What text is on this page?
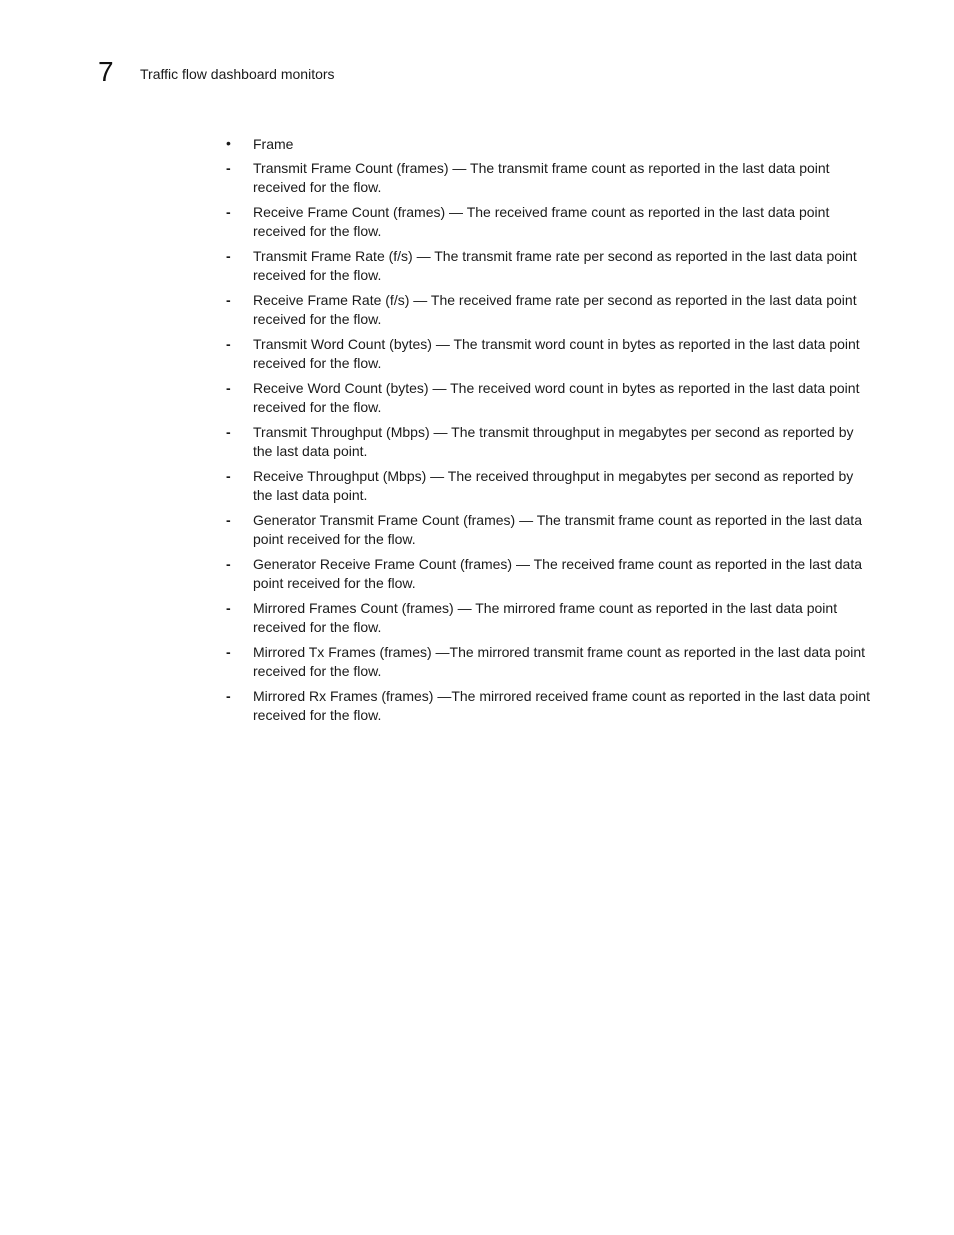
7 Traffic flow dashboard monitors
• Frame
- Transmit Frame Count (frames) — The transmit frame count as reported in the last data point received for the flow.
- Receive Frame Count (frames) — The received frame count as reported in the last data point received for the flow.
- Transmit Frame Rate (f/s) — The transmit frame rate per second as reported in the last data point received for the flow.
- Receive Frame Rate (f/s) — The received frame rate per second as reported in the last data point received for the flow.
- Transmit Word Count (bytes) — The transmit word count in bytes as reported in the last data point received for the flow.
- Receive Word Count (bytes) — The received word count in bytes as reported in the last data point received for the flow.
- Transmit Throughput (Mbps) — The transmit throughput in megabytes per second as reported by the last data point.
- Receive Throughput (Mbps) — The received throughput in megabytes per second as reported by the last data point.
- Generator Transmit Frame Count (frames) — The transmit frame count as reported in the last data point received for the flow.
- Generator Receive Frame Count (frames) — The received frame count as reported in the last data point received for the flow.
- Mirrored Frames Count (frames) — The mirrored frame count as reported in the last data point received for the flow.
- Mirrored Tx Frames (frames) —The mirrored transmit frame count as reported in the last data point received for the flow.
- Mirrored Rx Frames (frames) —The mirrored received frame count as reported in the last data point received for the flow.
